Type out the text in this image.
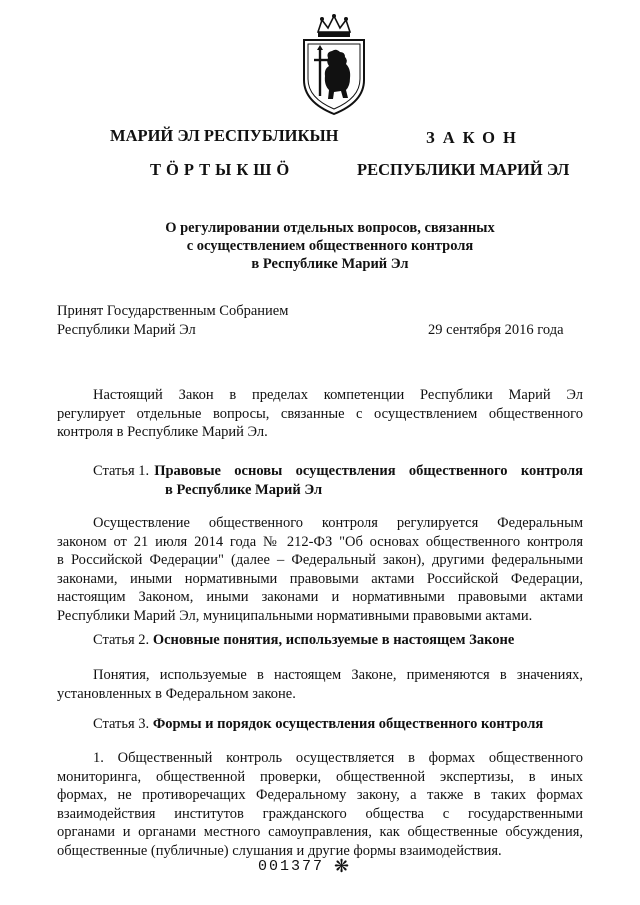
МАРИЙ ЭЛ РЕСПУБЛИКЫН
ТӦРТЫКШӦ
ЗАКОН
РЕСПУБЛИКИ МАРИЙ ЭЛ
О регулировании отдельных вопросов, связанных
с осуществлением общественного контроля
в Республике Марий Эл
Принят Государственным Собранием
Республики Марий Эл	29 сентября 2016 года
Настоящий Закон в пределах компетенции Республики Марий Эл
регулирует отдельные вопросы, связанные с осуществлением общественного
контроля в Республике Марий Эл.
Статья 1. Правовые основы осуществления общественного контроля
в Республике Марий Эл
Осуществление общественного контроля регулируется Федеральным
законом от 21 июля 2014 года № 212-ФЗ "Об основах общественного контроля
в Российской Федерации" (далее – Федеральный закон), другими федеральными
законами, иными нормативными правовыми актами Российской Федерации,
настоящим Законом, иными законами и нормативными правовыми актами
Республики Марий Эл, муниципальными нормативными правовыми актами.
Статья 2. Основные понятия, используемые в настоящем Законе
Понятия, используемые в настоящем Законе, применяются в значениях,
установленных в Федеральном законе.
Статья 3. Формы и порядок осуществления общественного контроля
1. Общественный контроль осуществляется в формах общественного
мониторинга, общественной проверки, общественной экспертизы, в иных
формах, не противоречащих Федеральному закону, а также в таких формах
взаимодействия институтов гражданского общества с государственными
органами и органами местного самоуправления, как общественные обсуждения,
общественные (публичные) слушания и другие формы взаимодействия.
001377 ❋
